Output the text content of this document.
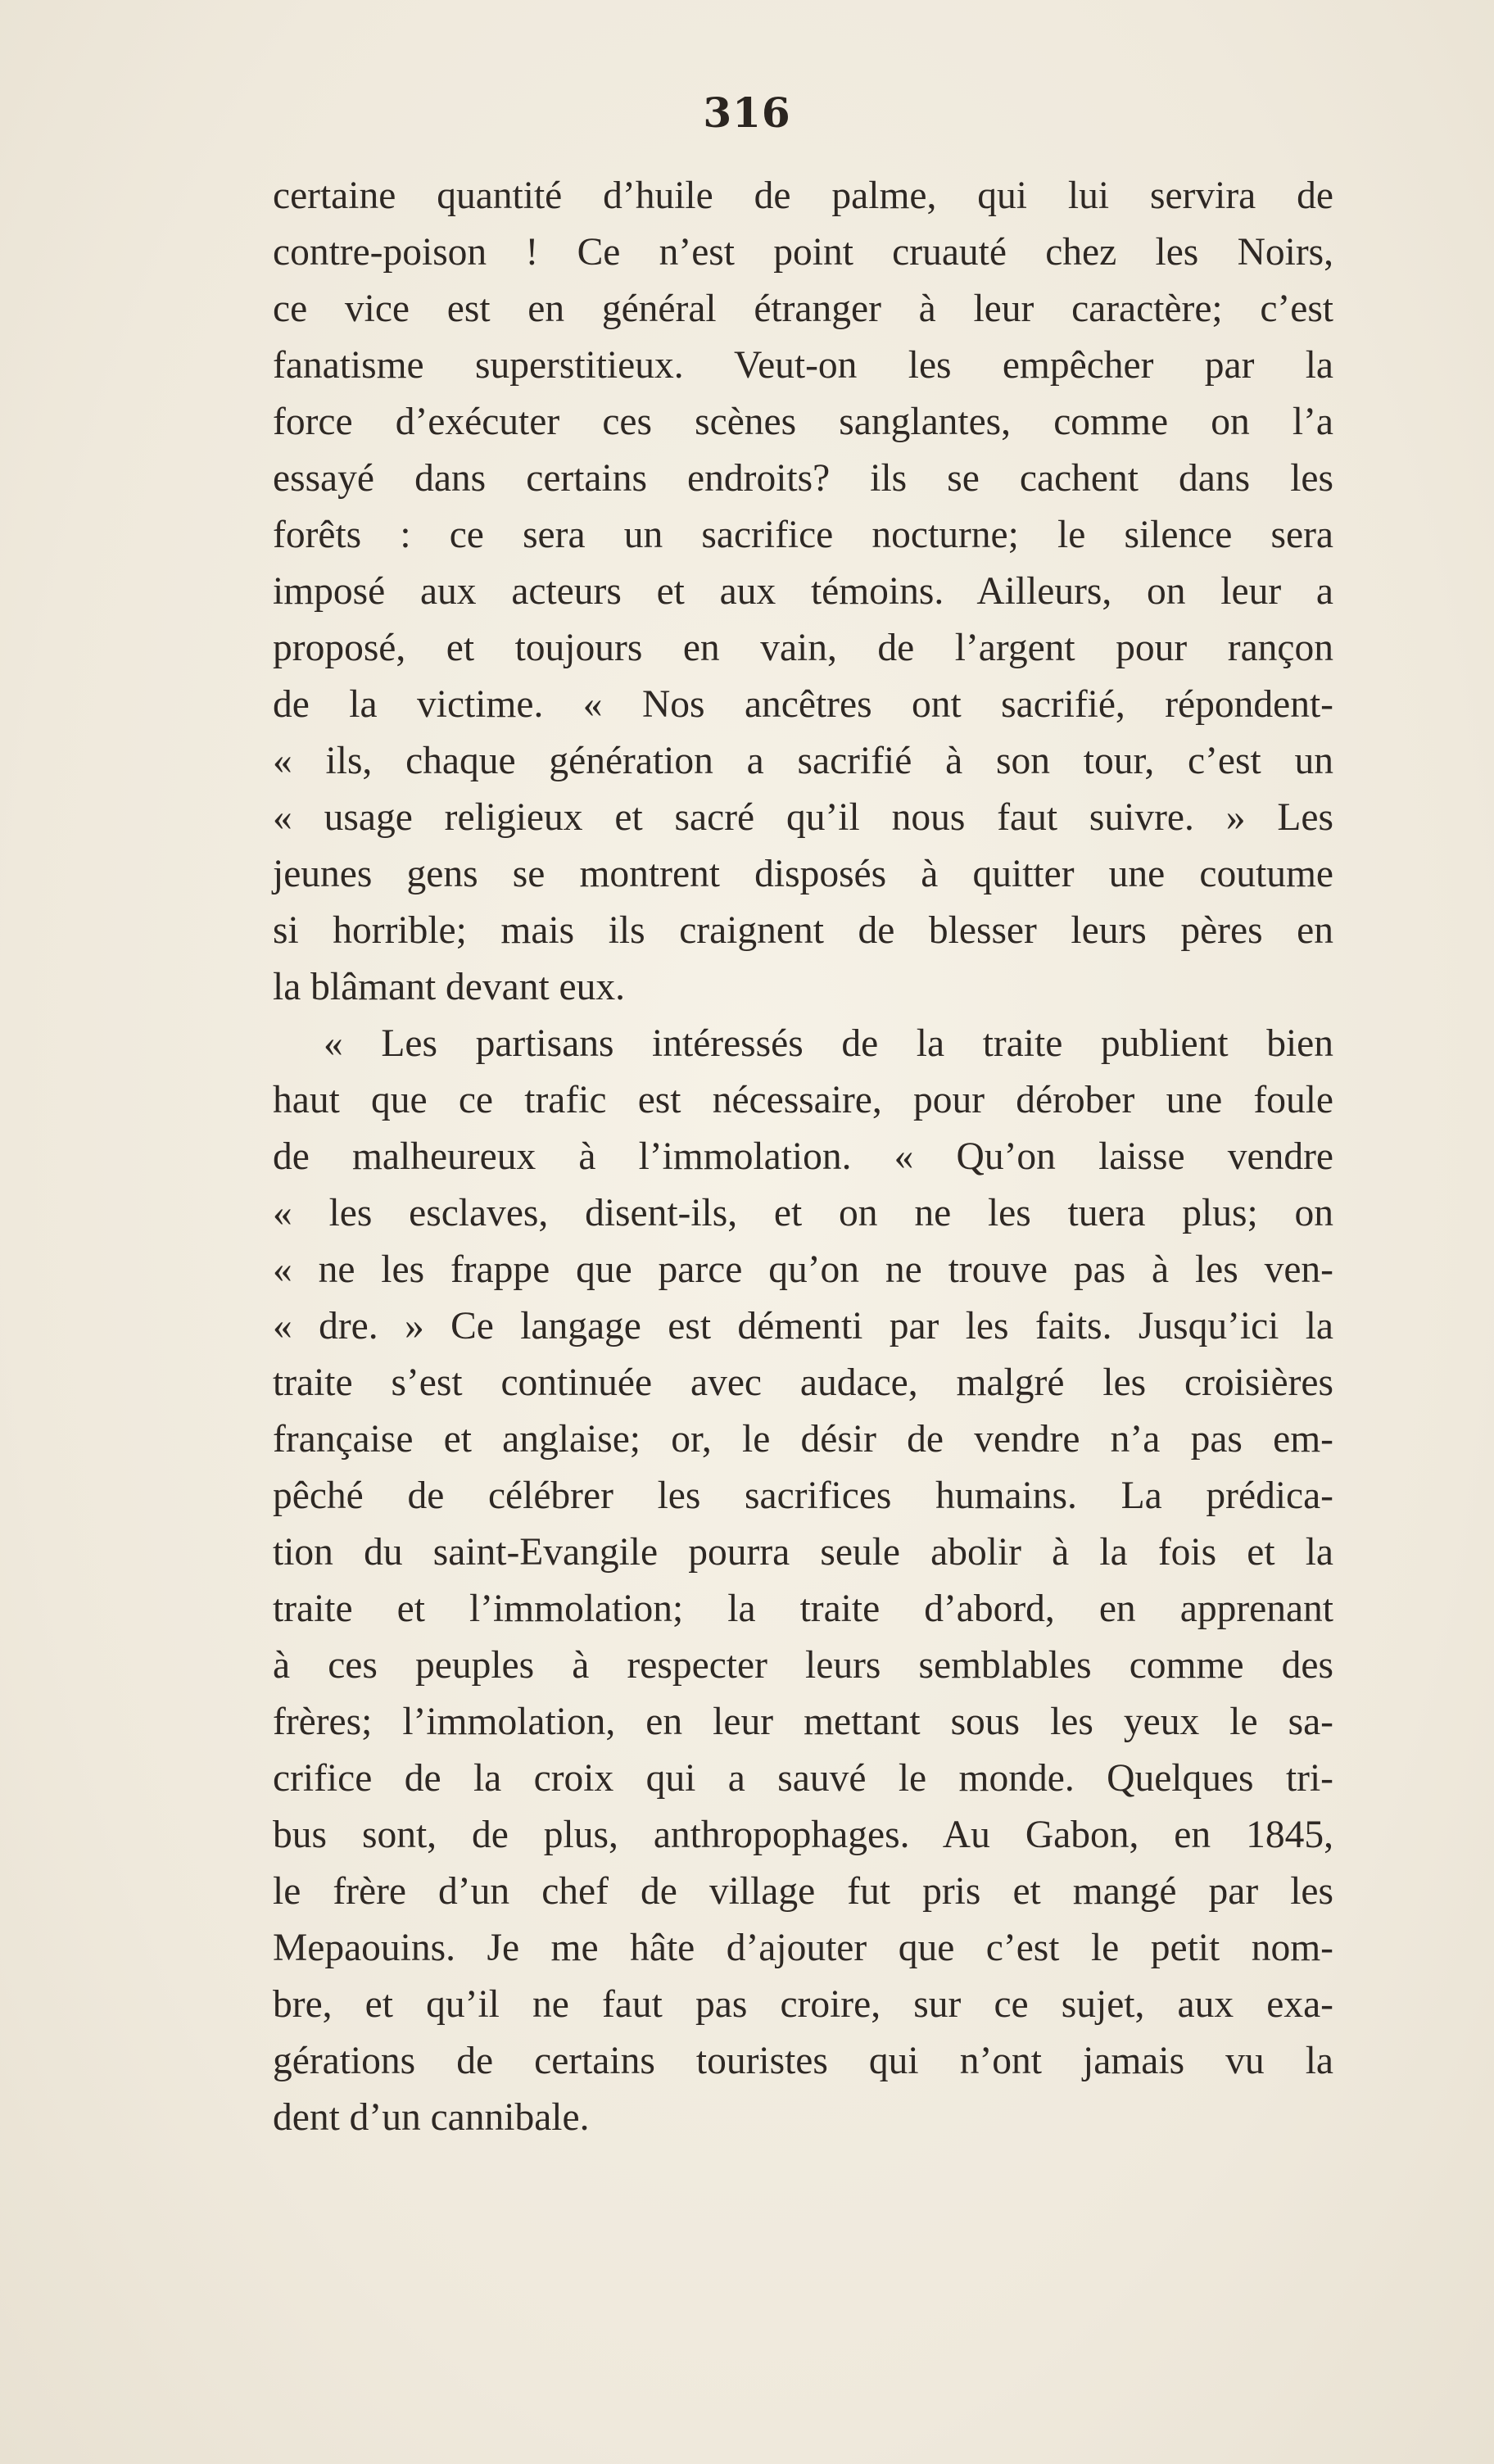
316
certaine quantité d’huile de palme, qui lui servira de
contre-poison ! Ce n’est point cruauté chez les Noirs,
ce vice est en général étranger à leur caractère; c’est
fanatisme superstitieux. Veut-on les empêcher par la
force d’exécuter ces scènes sanglantes, comme on l’a
essayé dans certains endroits? ils se cachent dans les
forêts : ce sera un sacrifice nocturne; le silence sera
imposé aux acteurs et aux témoins. Ailleurs, on leur a
proposé, et toujours en vain, de l’argent pour rançon
de la victime. « Nos ancêtres ont sacrifié, répondent-
« ils, chaque génération a sacrifié à son tour, c’est un
« usage religieux et sacré qu’il nous faut suivre. » Les
jeunes gens se montrent disposés à quitter une coutume
si horrible; mais ils craignent de blesser leurs pères en
la blâmant devant eux.
« Les partisans intéressés de la traite publient bien
haut que ce trafic est nécessaire, pour dérober une foule
de malheureux à l’immolation. « Qu’on laisse vendre
« les esclaves, disent-ils, et on ne les tuera plus; on
« ne les frappe que parce qu’on ne trouve pas à les ven-
« dre. » Ce langage est démenti par les faits. Jusqu’ici la
traite s’est continuée avec audace, malgré les croisières
française et anglaise; or, le désir de vendre n’a pas em-
pêché de célébrer les sacrifices humains. La prédica-
tion du saint-Evangile pourra seule abolir à la fois et la
traite et l’immolation; la traite d’abord, en apprenant
à ces peuples à respecter leurs semblables comme des
frères; l’immolation, en leur mettant sous les yeux le sa-
crifice de la croix qui a sauvé le monde. Quelques tri-
bus sont, de plus, anthropophages. Au Gabon, en 1845,
le frère d’un chef de village fut pris et mangé par les
Mepaouins. Je me hâte d’ajouter que c’est le petit nom-
bre, et qu’il ne faut pas croire, sur ce sujet, aux exa-
gérations de certains touristes qui n’ont jamais vu la
dent d’un cannibale.
